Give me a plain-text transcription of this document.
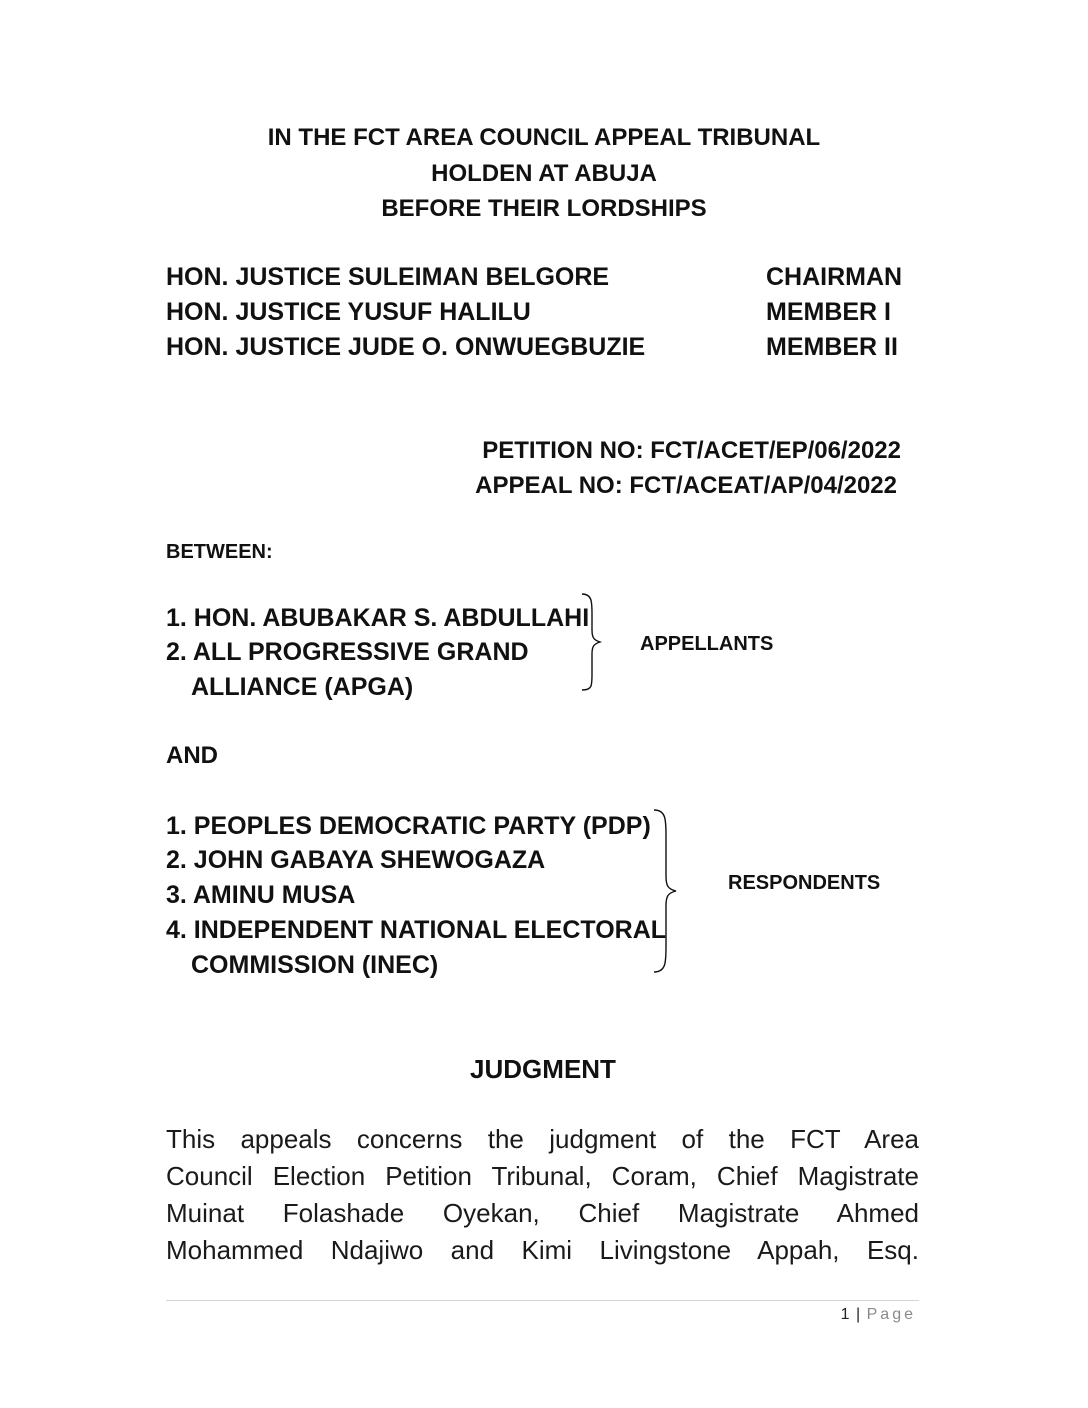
IN THE FCT AREA COUNCIL APPEAL TRIBUNAL
HOLDEN AT ABUJA
BEFORE THEIR LORDSHIPS
HON. JUSTICE SULEIMAN BELGORE	CHAIRMAN
HON. JUSTICE YUSUF HALILU	MEMBER I
HON. JUSTICE JUDE O. ONWUEGBUZIE	MEMBER II
PETITION NO: FCT/ACET/EP/06/2022
APPEAL NO: FCT/ACEAT/AP/04/2022
BETWEEN:
1. HON. ABUBAKAR S. ABDULLAHI
2. ALL PROGRESSIVE GRAND
ALLIANCE (APGA)
APPELLANTS
AND
1. PEOPLES DEMOCRATIC PARTY (PDP)
2. JOHN GABAYA SHEWOGAZA
3. AMINU MUSA
4. INDEPENDENT NATIONAL ELECTORAL
COMMISSION (INEC)
RESPONDENTS
JUDGMENT
This appeals concerns the judgment of the FCT Area
Council Election Petition Tribunal, Coram, Chief Magistrate
Muinat Folashade Oyekan, Chief Magistrate Ahmed
Mohammed Ndajiwo and Kimi Livingstone Appah, Esq.
1 | Page
